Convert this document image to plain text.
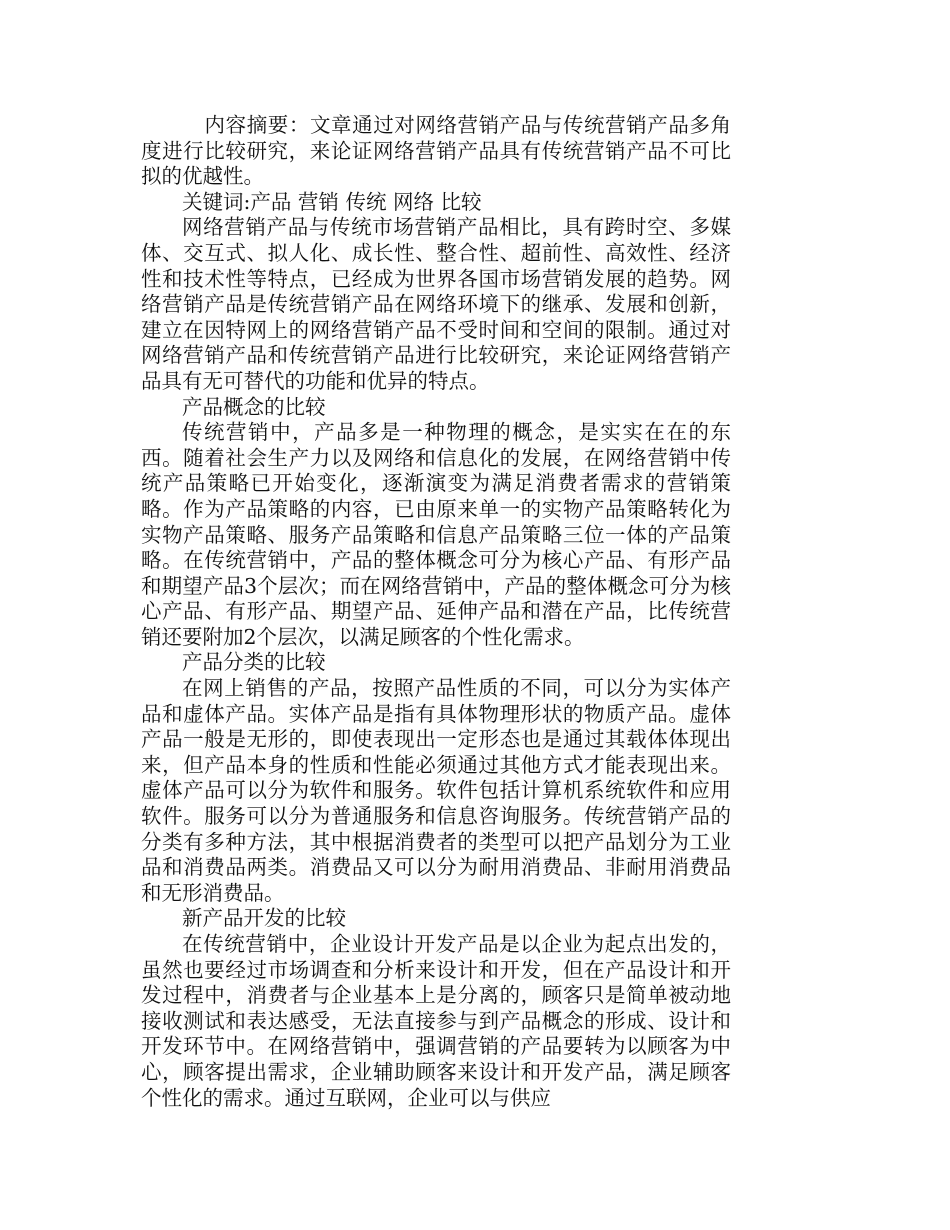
内容摘要：文章通过对网络营销产品与传统营销产品多角度进行比较研究，来论证网络营销产品具有传统营销产品不可比拟的优越性。

关键词:产品 营销 传统 网络 比较

网络营销产品与传统市场营销产品相比，具有跨时空、多媒体、交互式、拟人化、成长性、整合性、超前性、高效性、经济性和技术性等特点，已经成为世界各国市场营销发展的趋势。网络营销产品是传统营销产品在网络环境下的继承、发展和创新，建立在因特网上的网络营销产品不受时间和空间的限制。通过对网络营销产品和传统营销产品进行比较研究，来论证网络营销产品具有无可替代的功能和优异的特点。

产品概念的比较

传统营销中，产品多是一种物理的概念，是实实在在的东西。随着社会生产力以及网络和信息化的发展，在网络营销中传统产品策略已开始变化，逐渐演变为满足消费者需求的营销策略。作为产品策略的内容，已由原来单一的实物产品策略转化为实物产品策略、服务产品策略和信息产品策略三位一体的产品策略。在传统营销中，产品的整体概念可分为核心产品、有形产品和期望产品3个层次；而在网络营销中，产品的整体概念可分为核心产品、有形产品、期望产品、延伸产品和潜在产品，比传统营销还要附加2个层次，以满足顾客的个性化需求。

产品分类的比较

在网上销售的产品，按照产品性质的不同，可以分为实体产品和虚体产品。实体产品是指有具体物理形状的物质产品。虚体产品一般是无形的，即使表现出一定形态也是通过其载体体现出来，但产品本身的性质和性能必须通过其他方式才能表现出来。虚体产品可以分为软件和服务。软件包括计算机系统软件和应用软件。服务可以分为普通服务和信息咨询服务。传统营销产品的分类有多种方法，其中根据消费者的类型可以把产品划分为工业品和消费品两类。消费品又可以分为耐用消费品、非耐用消费品和无形消费品。

新产品开发的比较

在传统营销中，企业设计开发产品是以企业为起点出发的，虽然也要经过市场调查和分析来设计和开发，但在产品设计和开发过程中，消费者与企业基本上是分离的，顾客只是简单被动地接收测试和表达感受，无法直接参与到产品概念的形成、设计和开发环节中。在网络营销中，强调营销的产品要转为以顾客为中心，顾客提出需求，企业辅助顾客来设计和开发产品，满足顾客个性化的需求。通过互联网，企业可以与供应
